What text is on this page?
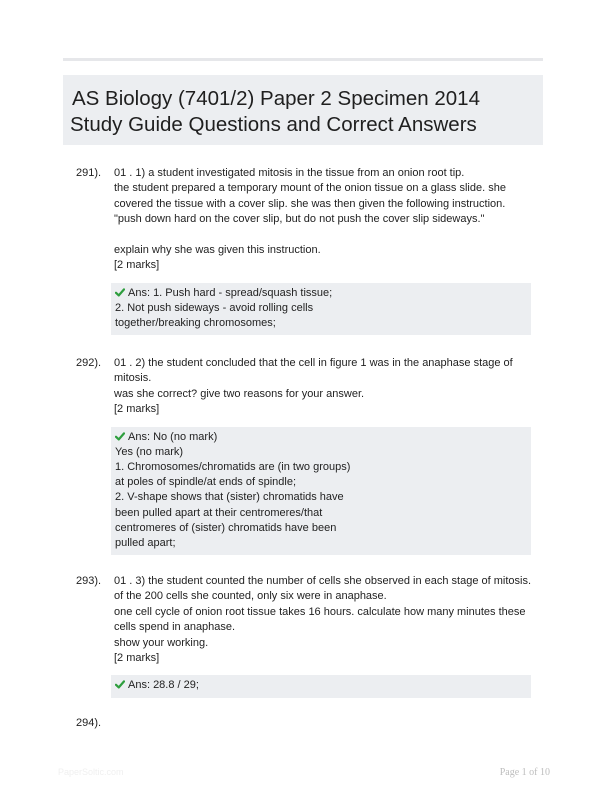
AS Biology (7401/2) Paper 2 Specimen 2014
Study Guide Questions and Correct Answers
291). 01 . 1) a student investigated mitosis in the tissue from an onion root tip.
the student prepared a temporary mount of the onion tissue on a glass slide. she
covered the tissue with a cover slip. she was then given the following instruction.
"push down hard on the cover slip, but do not push the cover slip sideways."
explain why she was given this instruction.
[2 marks]
Ans: 1. Push hard - spread/squash tissue;
2. Not push sideways - avoid rolling cells
together/breaking chromosomes;
292). 01 . 2) the student concluded that the cell in figure 1 was in the anaphase stage of
mitosis.
was she correct? give two reasons for your answer.
[2 marks]
Ans: No (no mark)
Yes (no mark)
1. Chromosomes/chromatids are (in two groups)
at poles of spindle/at ends of spindle;
2. V-shape shows that (sister) chromatids have
been pulled apart at their centromeres/that
centromeres of (sister) chromatids have been
pulled apart;
293). 01 . 3) the student counted the number of cells she observed in each stage of mitosis.
of the 200 cells she counted, only six were in anaphase.
one cell cycle of onion root tissue takes 16 hours. calculate how many minutes these
cells spend in anaphase.
show your working.
[2 marks]
Ans: 28.8 / 29;
294).
PaperSoltic.com	Page 1 of 10
